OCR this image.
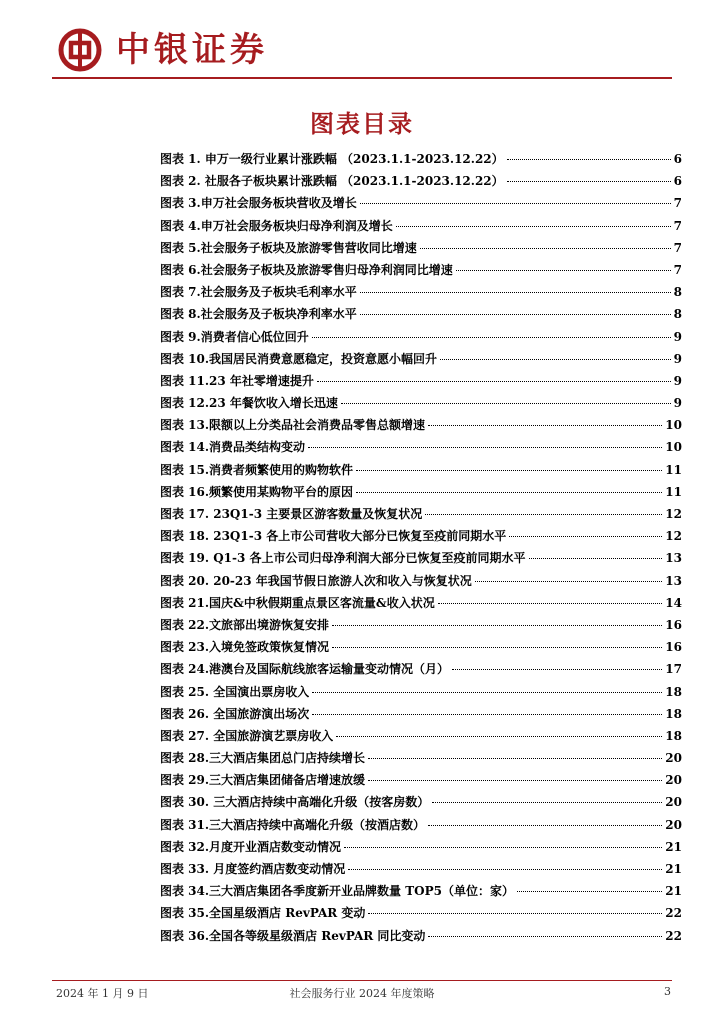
中银证券
图表目录
图表 1. 申万一级行业累计涨跌幅 （2023.1.1-2023.12.22）	6
图表 2. 社服各子板块累计涨跌幅 （2023.1.1-2023.12.22）	6
图表 3.申万社会服务板块营收及增长	7
图表 4.申万社会服务板块归母净利润及增长	7
图表 5.社会服务子板块及旅游零售营收同比增速	7
图表 6.社会服务子板块及旅游零售归母净利润同比增速	7
图表 7.社会服务及子板块毛利率水平	8
图表 8.社会服务及子板块净利率水平	8
图表 9.消费者信心低位回升	9
图表 10.我国居民消费意愿稳定，投资意愿小幅回升	9
图表 11.23 年社零增速提升	9
图表 12.23 年餐饮收入增长迅速	9
图表 13.限额以上分类品社会消费品零售总额增速	10
图表 14.消费品类结构变动	10
图表 15.消费者频繁使用的购物软件	11
图表 16.频繁使用某购物平台的原因	11
图表 17. 23Q1-3 主要景区游客数量及恢复状况	12
图表 18. 23Q1-3 各上市公司营收大部分已恢复至疫前同期水平	12
图表 19. Q1-3 各上市公司归母净利润大部分已恢复至疫前同期水平	13
图表 20. 20-23 年我国节假日旅游人次和收入与恢复状况	13
图表 21.国庆&中秋假期重点景区客流量&收入状况	14
图表 22.文旅部出境游恢复安排	16
图表 23.入境免签政策恢复情况	16
图表 24.港澳台及国际航线旅客运输量变动情况（月）	17
图表 25. 全国演出票房收入	18
图表 26. 全国旅游演出场次	18
图表 27. 全国旅游演艺票房收入	18
图表 28.三大酒店集团总门店持续增长	20
图表 29.三大酒店集团储备店增速放缓	20
图表 30. 三大酒店持续中高端化升级（按客房数）	20
图表 31.三大酒店持续中高端化升级（按酒店数）	20
图表 32.月度开业酒店数变动情况	21
图表 33. 月度签约酒店数变动情况	21
图表 34.三大酒店集团各季度新开业品牌数量 TOP5（单位：家）	21
图表 35.全国星级酒店 RevPAR 变动	22
图表 36.全国各等级星级酒店 RevPAR 同比变动	22
2024 年 1 月 9 日	社会服务行业 2024 年度策略	3
